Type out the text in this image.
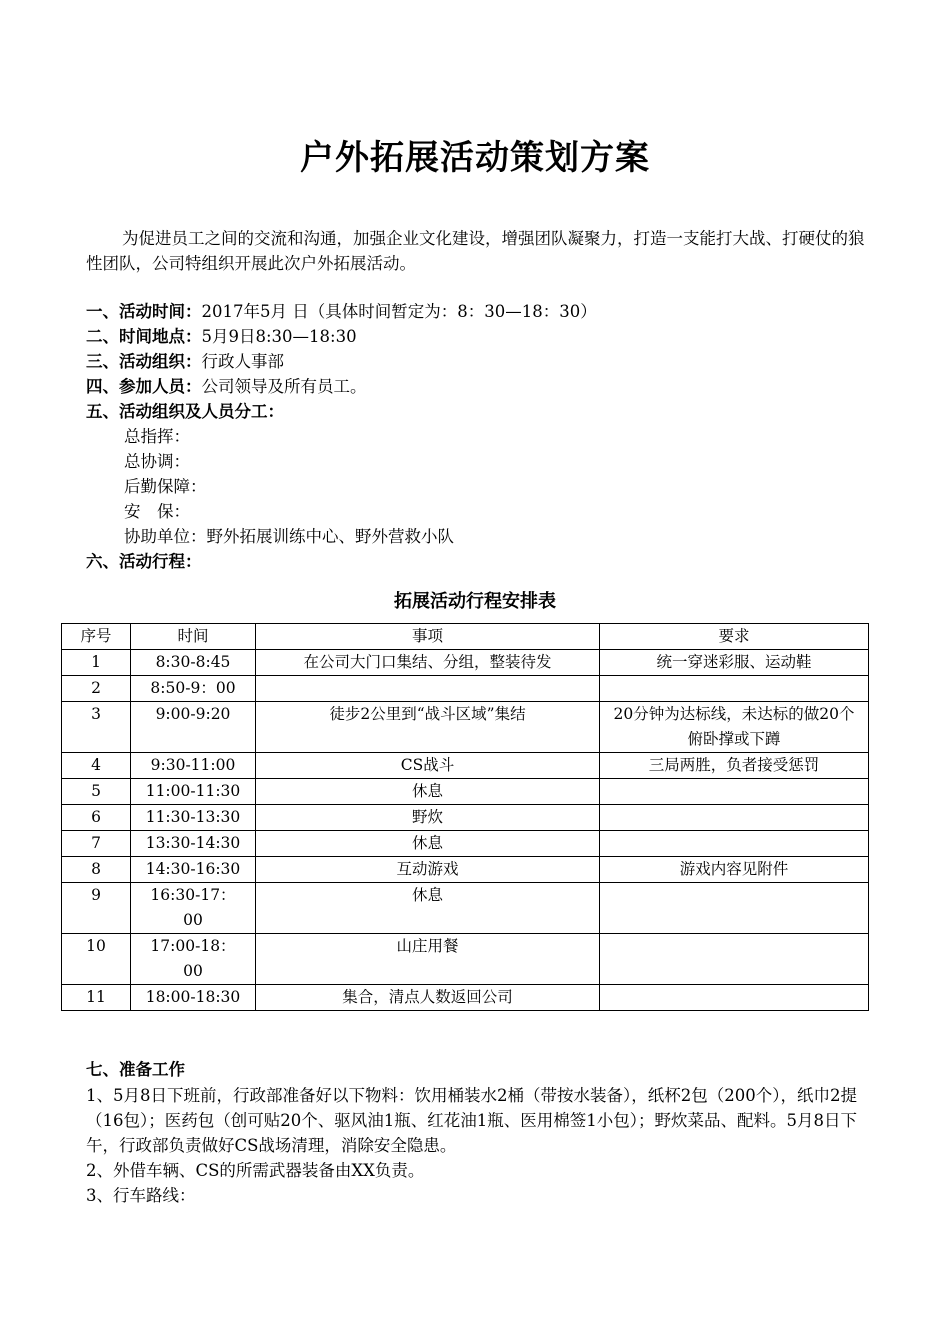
户外拓展活动策划方案
为促进员工之间的交流和沟通，加强企业文化建设，增强团队凝聚力，打造一支能打大战、打硬仗的狼性团队，公司特组织开展此次户外拓展活动。
一、活动时间：2017年5月 日（具体时间暂定为：8：30—18：30）
二、时间地点：5月9日8:30—18:30
三、活动组织：行政人事部
四、参加人员：公司领导及所有员工。
五、活动组织及人员分工：
总指挥：
总协调：
后勤保障：
安　保：
协助单位：野外拓展训练中心、野外营救小队
六、活动行程：
拓展活动行程安排表
序号	时间	事项	要求
1	8:30-8:45	在公司大门口集结、分组，整装待发	统一穿迷彩服、运动鞋
2	8:50-9：00		
3	9:00-9:20	徒步2公里到“战斗区域”集结	20分钟为达标线，未达标的做20个俯卧撑或下蹲
4	9:30-11:00	CS战斗	三局两胜，负者接受惩罚
5	11:00-11:30	休息	
6	11:30-13:30	野炊	
7	13:30-14:30	休息	
8	14:30-16:30	互动游戏	游戏内容见附件
9	16:30-17：00	休息	
10	17:00-18：00	山庄用餐	
11	18:00-18:30	集合，清点人数返回公司	
七、准备工作
1、5月8日下班前，行政部准备好以下物料：饮用桶装水2桶（带按水装备），纸杯2包（200个），纸巾2提（16包）；医药包（创可贴20个、驱风油1瓶、红花油1瓶、医用棉签1小包）；野炊菜品、配料。5月8日下午，行政部负责做好CS战场清理，消除安全隐患。
2、外借车辆、CS的所需武器装备由XX负责。
3、行车路线：
